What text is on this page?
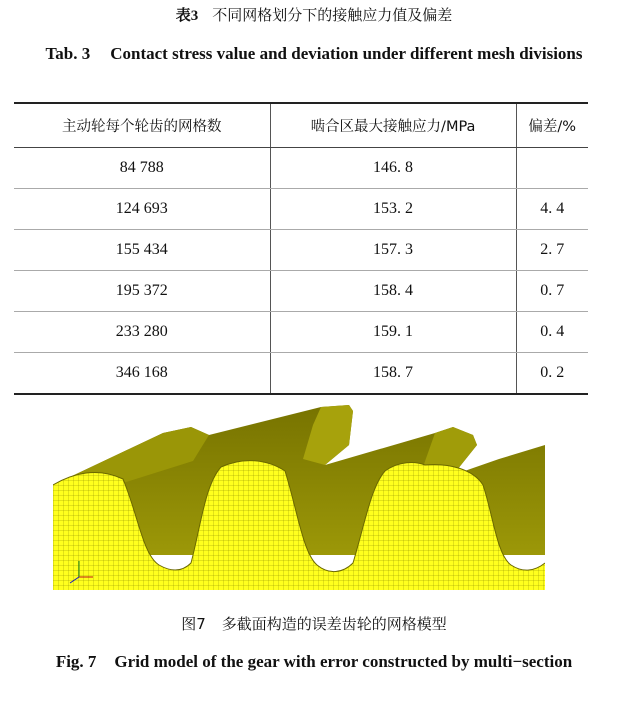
表3 不同网格划分下的接触应力值及偏差
Tab. 3 Contact stress value and deviation under different mesh divisions
主动轮每个轮齿的网格数	啮合区最大接触应力/MPa	偏差/%
84 788	146. 8	
124 693	153. 2	4. 4
155 434	157. 3	2. 7
195 372	158. 4	0. 7
233 280	159. 1	0. 4
346 168	158. 7	0. 2
图7 多截面构造的误差齿轮的网格模型
Fig. 7 Grid model of the gear with error constructed by multi−section
